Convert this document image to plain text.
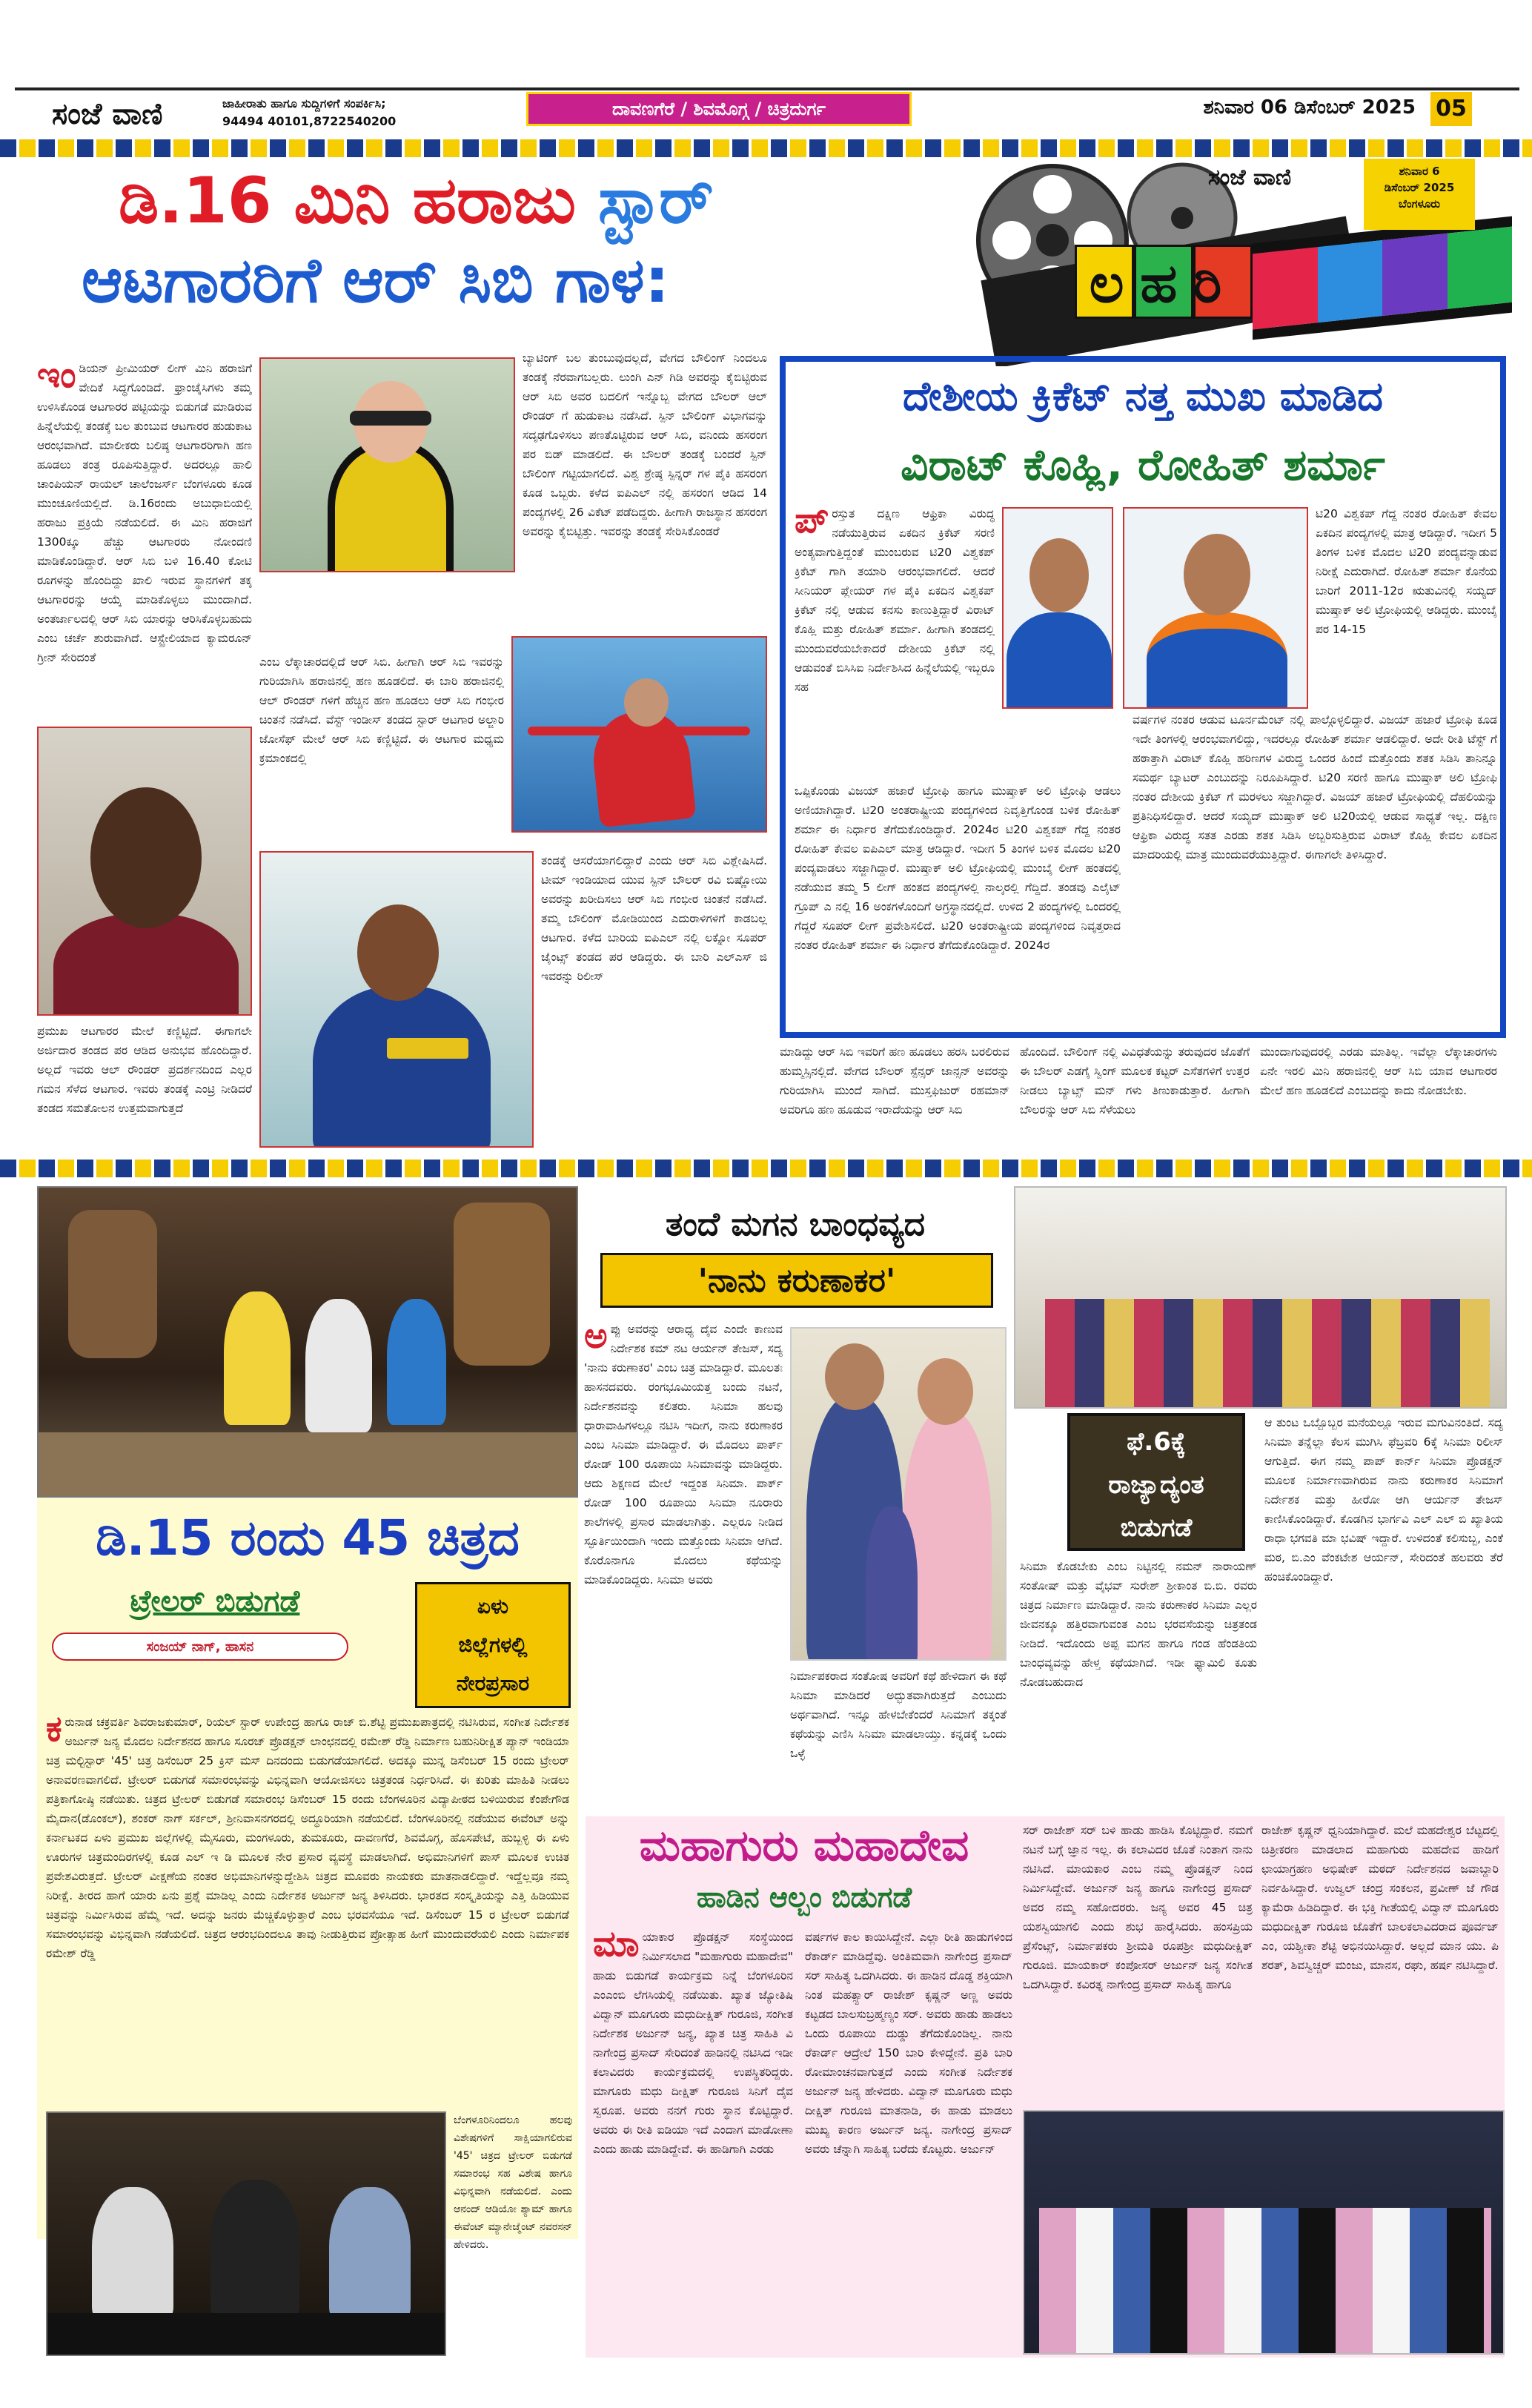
ಸಂಜೆ ವಾಣಿ	ಜಾಹೀರಾತು ಹಾಗೂ ಸುದ್ದಿಗಳಿಗೆ ಸಂಪರ್ಕಿಸಿ;
94494 40101,8722540200
ದಾವಣಗೆರೆ / ಶಿವಮೊಗ್ಗ / ಚಿತ್ರದುರ್ಗ	ಶನಿವಾರ 06 ಡಿಸೆಂಬರ್ 2025 05
ಲಹರಿ
ಸಂಜೆ ವಾಣಿ	ಶನಿವಾರ 6
ಡಿಸೆಂಬರ್ 2025
ಬೆಂಗಳೂರು
ಡಿ.16 ಮಿನಿ ಹರಾಜು ಸ್ಟಾರ್
ಆಟಗಾರರಿಗೆ ಆರ್ ಸಿಬಿ ಗಾಳ:
ಇಂಡಿಯನ್ ಪ್ರೀಮಿಯರ್ ಲೀಗ್ ಮಿನಿ ಹರಾಜಿಗೆ ವೇದಿಕೆ ಸಿದ್ಧಗೊಂಡಿದೆ. ಫ್ರಾಂಚೈಸಿಗಳು ತಮ್ಮ ಉಳಿಸಿಕೊಂಡ ಆಟಗಾರರ ಪಟ್ಟಿಯನ್ನು ಬಿಡುಗಡೆ ಮಾಡಿರುವ ಹಿನ್ನೆಲೆಯಲ್ಲಿ ತಂಡಕ್ಕೆ ಬಲ ತುಂಬುವ ಆಟಗಾರರ ಹುಡುಕಾಟ ಆರಂಭವಾಗಿದೆ. ಮಾಲೀಕರು ಬಲಿಷ್ಠ ಆಟಗಾರರಿಗಾಗಿ ಹಣ ಹೂಡಲು ತಂತ್ರ ರೂಪಿಸುತ್ತಿದ್ದಾರೆ. ಅದರಲ್ಲೂ ಹಾಲಿ ಚಾಂಪಿಯನ್ ರಾಯಲ್ ಚಾಲೆಂಜರ್ಸ್ ಬೆಂಗಳೂರು ಕೂಡ ಮುಂಚೂಣಿಯಲ್ಲಿದೆ. ಡಿ.16ರಂದು ಅಬುಧಾಬಿಯಲ್ಲಿ ಹರಾಜು ಪ್ರಕ್ರಿಯೆ ನಡೆಯಲಿದೆ. ಈ ಮಿನಿ ಹರಾಜಿಗೆ 1300ಕ್ಕೂ ಹೆಚ್ಚು ಆಟಗಾರರು ನೋಂದಣಿ ಮಾಡಿಕೊಂಡಿದ್ದಾರೆ. ಆರ್ ಸಿಬಿ ಬಳಿ 16.40 ಕೋಟಿ ರೂಗಳನ್ನು ಹೊಂದಿದ್ದು ಖಾಲಿ ಇರುವ ಸ್ಥಾನಗಳಿಗೆ ತಕ್ಕ ಆಟಗಾರರನ್ನು ಆಯ್ಕೆ ಮಾಡಿಕೊಳ್ಳಲು ಮುಂದಾಗಿದೆ. ಅಂತರ್ಜಾಲದಲ್ಲಿ ಆರ್ ಸಿಬಿ ಯಾರನ್ನು ಆರಿಸಿಕೊಳ್ಳಬಹುದು ಎಂಬ ಚರ್ಚೆ ಶುರುವಾಗಿದೆ. ಆಸ್ಟ್ರೇಲಿಯಾದ ಕ್ಯಾಮರೂನ್ ಗ್ರೀನ್ ಸೇರಿದಂತೆ
ಬ್ಯಾಟಿಂಗ್ ಬಲ ತುಂಬುವುದಲ್ಲದೆ, ವೇಗದ ಬೌಲಿಂಗ್ ನಿಂದಲೂ ತಂಡಕ್ಕೆ ನೆರವಾಗಬಲ್ಲರು. ಲುಂಗಿ ಎನ್ ಗಿಡಿ ಅವರನ್ನು ಕೈಬಿಟ್ಟಿರುವ ಆರ್ ಸಿಬಿ ಅವರ ಬದಲಿಗೆ ಇನ್ನೊಬ್ಬ ವೇಗದ ಬೌಲರ್ ಆಲ್ ರೌಂಡರ್ ಗೆ ಹುಡುಕಾಟ ನಡೆಸಿದೆ. ಸ್ಪಿನ್ ಬೌಲಿಂಗ್ ವಿಭಾಗವನ್ನು ಸದೃಢಗೊಳಿಸಲು ಪಣತೊಟ್ಟಿರುವ ಆರ್ ಸಿಬಿ, ವನಿಂದು ಹಸರಂಗ ಪರ ಬಿಡ್ ಮಾಡಲಿದೆ. ಈ ಬೌಲರ್ ತಂಡಕ್ಕೆ ಬಂದರೆ ಸ್ಪಿನ್ ಬೌಲಿಂಗ್ ಗಟ್ಟಿಯಾಗಲಿದೆ. ವಿಶ್ವ ಶ್ರೇಷ್ಠ ಸ್ಪಿನ್ನರ್ ಗಳ ಪೈಕಿ ಹಸರಂಗ ಕೂಡ ಒಬ್ಬರು. ಕಳೆದ ಐಪಿಎಲ್ ನಲ್ಲಿ ಹಸರಂಗ ಆಡಿದ 14 ಪಂದ್ಯಗಳಲ್ಲಿ 26 ವಿಕೆಟ್ ಪಡೆದಿದ್ದರು. ಹೀಗಾಗಿ ರಾಜಸ್ಥಾನ ಹಸರಂಗ ಅವರನ್ನು ಕೈಬಿಟ್ಟಿತ್ತು. ಇವರನ್ನು ತಂಡಕ್ಕೆ ಸೇರಿಸಿಕೊಂಡರೆ
ಎಂಬ ಲೆಕ್ಕಾಚಾರದಲ್ಲಿದೆ ಆರ್ ಸಿಬಿ. ಹೀಗಾಗಿ ಆರ್ ಸಿಬಿ ಇವರನ್ನು ಗುರಿಯಾಗಿಸಿ ಹರಾಜಿನಲ್ಲಿ ಹಣ ಹೂಡಲಿದೆ. ಈ ಬಾರಿ ಹರಾಜಿನಲ್ಲಿ ಆಲ್ ರೌಂಡರ್ ಗಳಿಗೆ ಹೆಚ್ಚಿನ ಹಣ ಹೂಡಲು ಆರ್ ಸಿಬಿ ಗಂಭೀರ ಚಿಂತನೆ ನಡೆಸಿದೆ. ವೆಸ್ಟ್ ಇಂಡೀಸ್ ತಂಡದ ಸ್ಟಾರ್ ಆಟಗಾರ ಅಲ್ಜಾರಿ ಜೋಸೆಫ್ ಮೇಲೆ ಆರ್ ಸಿಬಿ ಕಣ್ಣಿಟ್ಟಿದೆ. ಈ ಆಟಗಾರ ಮಧ್ಯಮ ಕ್ರಮಾಂಕದಲ್ಲಿ
ತಂಡಕ್ಕೆ ಆಸರೆಯಾಗಲಿದ್ದಾರೆ ಎಂದು ಆರ್ ಸಿಬಿ ವಿಶ್ಲೇಷಿಸಿದೆ. ಟೀಮ್ ಇಂಡಿಯಾದ ಯುವ ಸ್ಪಿನ್ ಬೌಲರ್ ರವಿ ಬಿಷ್ಣೋಯಿ ಅವರನ್ನು ಖರೀದಿಸಲು ಆರ್ ಸಿಬಿ ಗಂಭೀರ ಚಿಂತನೆ ನಡೆಸಿದೆ. ತಮ್ಮ ಬೌಲಿಂಗ್ ಮೋಡಿಯಿಂದ ಎದುರಾಳಿಗಳಿಗೆ ಕಾಡಬಲ್ಲ ಆಟಗಾರ. ಕಳೆದ ಬಾರಿಯ ಐಪಿಎಲ್ ನಲ್ಲಿ ಲಕ್ನೋ ಸೂಪರ್ ಜೈಂಟ್ಸ್ ತಂಡದ ಪರ ಆಡಿದ್ದರು. ಈ ಬಾರಿ ಎಲ್ಎಸ್ ಜಿ ಇವರನ್ನು ರಿಲೀಸ್
ಪ್ರಮುಖ ಆಟಗಾರರ ಮೇಲೆ ಕಣ್ಣಿಟ್ಟಿದೆ. ಈಗಾಗಲೇ ಅರ್ಜಿದಾರ ತಂಡದ ಪರ ಆಡಿದ ಅನುಭವ ಹೊಂದಿದ್ದಾರೆ. ಅಲ್ಲದೆ ಇವರು ಆಲ್ ರೌಂಡರ್ ಪ್ರದರ್ಶನದಿಂದ ಎಲ್ಲರ ಗಮನ ಸೆಳೆದ ಆಟಗಾರ. ಇವರು ತಂಡಕ್ಕೆ ಎಂಟ್ರಿ ನೀಡಿದರೆ ತಂಡದ ಸಮತೋಲನ ಉತ್ತಮವಾಗುತ್ತದೆ
ದೇಶೀಯ ಕ್ರಿಕೆಟ್ ನತ್ತ ಮುಖ ಮಾಡಿದ
ವಿರಾಟ್ ಕೊಹ್ಲಿ, ರೋಹಿತ್ ಶರ್ಮಾ
ಪ್ರಸ್ತುತ ದಕ್ಷಿಣ ಆಫ್ರಿಕಾ ವಿರುದ್ಧ ನಡೆಯುತ್ತಿರುವ ಏಕದಿನ ಕ್ರಿಕೆಟ್ ಸರಣಿ ಅಂತ್ಯವಾಗುತ್ತಿದ್ದಂತೆ ಮುಂಬರುವ ಟಿ20 ವಿಶ್ವಕಪ್ ಕ್ರಿಕೆಟ್ ಗಾಗಿ ತಯಾರಿ ಆರಂಭವಾಗಲಿದೆ. ಆದರೆ ಸೀನಿಯರ್ ಪ್ಲೇಯರ್ ಗಳ ಪೈಕಿ ಏಕದಿನ ವಿಶ್ವಕಪ್ ಕ್ರಿಕೆಟ್ ನಲ್ಲಿ ಆಡುವ ಕನಸು ಕಾಣುತ್ತಿದ್ದಾರೆ ವಿರಾಟ್ ಕೊಹ್ಲಿ ಮತ್ತು ರೋಹಿತ್ ಶರ್ಮಾ. ಹೀಗಾಗಿ ತಂಡದಲ್ಲಿ ಮುಂದುವರೆಯಬೇಕಾದರೆ ದೇಶೀಯ ಕ್ರಿಕೆಟ್ ನಲ್ಲಿ ಆಡುವಂತೆ ಬಿಸಿಸಿಐ ನಿರ್ದೇಶಿಸಿದ ಹಿನ್ನೆಲೆಯಲ್ಲಿ ಇಬ್ಬರೂ ಸಹ
ಟಿ20 ವಿಶ್ವಕಪ್ ಗೆದ್ದ ನಂತರ ರೋಹಿತ್ ಕೇವಲ ಏಕದಿನ ಪಂದ್ಯಗಳಲ್ಲಿ ಮಾತ್ರ ಆಡಿದ್ದಾರೆ. ಇದೀಗ 5 ತಿಂಗಳ ಬಳಿಕ ಮೊದಲ ಟಿ20 ಪಂದ್ಯವನ್ನಾಡುವ ನಿರೀಕ್ಷೆ ಎದುರಾಗಿದೆ. ರೋಹಿತ್ ಶರ್ಮಾ ಕೊನೆಯ ಬಾರಿಗೆ 2011-12ರ ಋತುವಿನಲ್ಲಿ ಸಯ್ಯದ್ ಮುಷ್ತಾಕ್ ಅಲಿ ಟ್ರೋಫಿಯಲ್ಲಿ ಆಡಿದ್ದರು. ಮುಂಬೈ ಪರ 14-15
ಒಪ್ಪಿಕೊಂಡು ವಿಜಯ್ ಹಜಾರೆ ಟ್ರೋಫಿ ಹಾಗೂ ಮುಷ್ತಾಕ್ ಅಲಿ ಟ್ರೋಫಿ ಆಡಲು ಅಣಿಯಾಗಿದ್ದಾರೆ. ಟಿ20 ಅಂತರಾಷ್ಟ್ರೀಯ ಪಂದ್ಯಗಳಿಂದ ನಿವೃತ್ತಿಗೊಂಡ ಬಳಿಕ ರೋಹಿತ್ ಶರ್ಮಾ ಈ ನಿರ್ಧಾರ ತೆಗೆದುಕೊಂಡಿದ್ದಾರೆ. 2024ರ ಟಿ20 ವಿಶ್ವಕಪ್ ಗೆದ್ದ ನಂತರ ರೋಹಿತ್ ಕೇವಲ ಐಪಿಎಲ್ ಮಾತ್ರ ಆಡಿದ್ದಾರೆ. ಇದೀಗ 5 ತಿಂಗಳ ಬಳಿಕ ಮೊದಲ ಟಿ20 ಪಂದ್ಯವಾಡಲು ಸಜ್ಜಾಗಿದ್ದಾರೆ. ಮುಷ್ತಾಕ್ ಅಲಿ ಟ್ರೋಫಿಯಲ್ಲಿ ಮುಂಬೈ ಲೀಗ್ ಹಂತದಲ್ಲಿ ನಡೆಯುವ ತಮ್ಮ 5 ಲೀಗ್ ಹಂತದ ಪಂದ್ಯಗಳಲ್ಲಿ ನಾಲ್ಕರಲ್ಲಿ ಗೆದ್ದಿದೆ. ತಂಡವು ಎಲೈಟ್ ಗ್ರೂಪ್ ಎ ನಲ್ಲಿ 16 ಅಂಕಗಳೊಂದಿಗೆ ಅಗ್ರಸ್ಥಾನದಲ್ಲಿದೆ. ಉಳಿದ 2 ಪಂದ್ಯಗಳಲ್ಲಿ ಒಂದರಲ್ಲಿ ಗೆದ್ದರೆ ಸೂಪರ್ ಲೀಗ್ ಪ್ರವೇಶಿಸಲಿದೆ. ಟಿ20 ಅಂತರಾಷ್ಟ್ರೀಯ ಪಂದ್ಯಗಳಿಂದ ನಿವೃತ್ತರಾದ ನಂತರ ರೋಹಿತ್ ಶರ್ಮಾ ಈ ನಿರ್ಧಾರ ತೆಗೆದುಕೊಂಡಿದ್ದಾರೆ. 2024ರ
ವರ್ಷಗಳ ನಂತರ ಆಡುವ ಟೂರ್ನಮೆಂಟ್ ನಲ್ಲಿ ಪಾಲ್ಗೊಳ್ಳಲಿದ್ದಾರೆ. ವಿಜಯ್ ಹಜಾರೆ ಟ್ರೋಫಿ ಕೂಡ ಇದೇ ತಿಂಗಳಲ್ಲಿ ಆರಂಭವಾಗಲಿದ್ದು, ಇದರಲ್ಲೂ ರೋಹಿತ್ ಶರ್ಮಾ ಆಡಲಿದ್ದಾರೆ. ಅದೇ ರೀತಿ ಟೆಸ್ಟ್ ಗೆ ಹಠಾತ್ತಾಗಿ ವಿರಾಟ್ ಕೊಹ್ಲಿ ಹರಿಣಗಳ ವಿರುದ್ಧ ಒಂದರ ಹಿಂದೆ ಮತ್ತೊಂದು ಶತಕ ಸಿಡಿಸಿ ತಾನಿನ್ನೂ ಸಮರ್ಥ ಬ್ಯಾಟರ್ ಎಂಬುದನ್ನು ನಿರೂಪಿಸಿದ್ದಾರೆ. ಟಿ20 ಸರಣಿ ಹಾಗೂ ಮುಷ್ತಾಕ್ ಅಲಿ ಟ್ರೋಫಿ ನಂತರ ದೇಶೀಯ ಕ್ರಿಕೆಟ್ ಗೆ ಮರಳಲು ಸಜ್ಜಾಗಿದ್ದಾರೆ. ವಿಜಯ್ ಹಜಾರೆ ಟ್ರೋಫಿಯಲ್ಲಿ ದೆಹಲಿಯನ್ನು ಪ್ರತಿನಿಧಿಸಲಿದ್ದಾರೆ. ಆದರೆ ಸಯ್ಯದ್ ಮುಷ್ತಾಕ್ ಅಲಿ ಟಿ20ಯಲ್ಲಿ ಆಡುವ ಸಾಧ್ಯತೆ ಇಲ್ಲ. ದಕ್ಷಿಣ ಆಫ್ರಿಕಾ ವಿರುದ್ಧ ಸತತ ಎರಡು ಶತಕ ಸಿಡಿಸಿ ಅಬ್ಬರಿಸುತ್ತಿರುವ ವಿರಾಟ್ ಕೊಹ್ಲಿ ಕೇವಲ ಏಕದಿನ ಮಾದರಿಯಲ್ಲಿ ಮಾತ್ರ ಮುಂದುವರೆಯುತ್ತಿದ್ದಾರೆ. ಈಗಾಗಲೇ ತಿಳಿಸಿದ್ದಾರೆ.
ಮಾಡಿದ್ದು ಆರ್ ಸಿಬಿ ಇವರಿಗೆ ಹಣ ಹೂಡಲು ಹರಸಿ ಬರಲಿರುವ ಹುಮ್ಮಸ್ಸಿನಲ್ಲಿದೆ. ವೇಗದ ಬೌಲರ್ ಸ್ಪೆನ್ಸರ್ ಜಾನ್ಸನ್ ಅವರನ್ನು ಗುರಿಯಾಗಿಸಿ ಮುಂದೆ ಸಾಗಿದೆ. ಮುಸ್ತಫಿಜುರ್ ರಹಮಾನ್ ಅವರಿಗೂ ಹಣ ಹೂಡುವ ಇರಾದೆಯನ್ನು ಆರ್ ಸಿಬಿ
ಹೊಂದಿದೆ. ಬೌಲಿಂಗ್ ನಲ್ಲಿ ವಿವಿಧತೆಯನ್ನು ತರುವುದರ ಜೊತೆಗೆ ಈ ಬೌಲರ್ ಎಡಗೈ ಸ್ವಿಂಗ್ ಮೂಲಕ ಕಟ್ಟರ್ ಎಸೆತಗಳಿಗೆ ಉತ್ತರ ನೀಡಲು ಬ್ಯಾಟ್ಸ್ ಮನ್ ಗಳು ತಿಣುಕಾಡುತ್ತಾರೆ. ಹೀಗಾಗಿ ಬೌಲರನ್ನು ಆರ್ ಸಿಬಿ ಸೆಳೆಯಲು
ಮುಂದಾಗುವುದರಲ್ಲಿ ಎರಡು ಮಾತಿಲ್ಲ. ಇವೆಲ್ಲಾ ಲೆಕ್ಕಾಚಾರಗಳು ಏನೇ ಇರಲಿ ಮಿನಿ ಹರಾಜಿನಲ್ಲಿ ಆರ್ ಸಿಬಿ ಯಾವ ಆಟಗಾರರ ಮೇಲೆ ಹಣ ಹೂಡಲಿದೆ ಎಂಬುದನ್ನು ಕಾದು ನೋಡಬೇಕು.
ಡಿ.15 ರಂದು 45 ಚಿತ್ರದ
ಟ್ರೇಲರ್ ಬಿಡುಗಡೆ
ಸಂಜಯ್ ನಾಗ್, ಹಾಸನ
ಏಳು
ಜಿಲ್ಲೆಗಳಲ್ಲಿ
ನೇರಪ್ರಸಾರ
ಕರುನಾಡ ಚಕ್ರವರ್ತಿ ಶಿವರಾಜಕುಮಾರ್, ರಿಯಲ್ ಸ್ಟಾರ್ ಉಪೇಂದ್ರ ಹಾಗೂ ರಾಜ್ ಬಿ.ಶೆಟ್ಟಿ ಪ್ರಮುಖಪಾತ್ರದಲ್ಲಿ ನಟಿಸಿರುವ, ಸಂಗೀತ ನಿರ್ದೇಶಕ ಅರ್ಜುನ್ ಜನ್ಯ ಮೊದಲ ನಿರ್ದೇಶನದ ಹಾಗೂ ಸೂರಜ್ ಪ್ರೊಡಕ್ಷನ್ ಲಾಂಛನದಲ್ಲಿ ರಮೇಶ್ ರೆಡ್ಡಿ ನಿರ್ಮಾಣ ಬಹುನಿರೀಕ್ಷಿತ ಪ್ಯಾನ್ ಇಂಡಿಯಾ ಚಿತ್ರ ಮಲ್ಟಿಸ್ಟಾರ್ '45' ಚಿತ್ರ ಡಿಸೆಂಬರ್ 25 ಕ್ರಿಸ್ ಮಸ್ ದಿನದಂದು ಬಿಡುಗಡೆಯಾಗಲಿದೆ. ಅದಕ್ಕೂ ಮುನ್ನ ಡಿಸೆಂಬರ್ 15 ರಂದು ಟ್ರೇಲರ್ ಅನಾವರಣವಾಗಲಿದೆ. ಟ್ರೇಲರ್ ಬಿಡುಗಡೆ ಸಮಾರಂಭವನ್ನು ವಿಭಿನ್ನವಾಗಿ ಆಯೋಜಿಸಲು ಚಿತ್ರತಂಡ ನಿರ್ಧರಿಸಿದೆ. ಈ ಕುರಿತು ಮಾಹಿತಿ ನೀಡಲು ಪತ್ರಿಕಾಗೋಷ್ಠಿ ನಡೆಯಿತು. ಚಿತ್ರದ ಟ್ರೇಲರ್ ಬಿಡುಗಡೆ ಸಮಾರಂಭ ಡಿಸೆಂಬರ್ 15 ರಂದು ಬೆಂಗಳೂರಿನ ವಿದ್ಯಾಪೀಠದ ಬಳಿಯಿರುವ ಕೆಂಪೇಗೌಡ ಮೈದಾನ(ಡೊಂಕಲ್), ಶಂಕರ್ ನಾಗ್ ಸರ್ಕಲ್, ಶ್ರೀನಿವಾಸನಗರದಲ್ಲಿ ಅದ್ಧೂರಿಯಾಗಿ ನಡೆಯಲಿದೆ. ಬೆಂಗಳೂರಿನಲ್ಲಿ ನಡೆಯುವ ಈವೆಂಟ್ ಅನ್ನು ಕರ್ನಾಟಕದ ಏಳು ಪ್ರಮುಖ ಜಿಲ್ಲೆಗಳಲ್ಲಿ ಮೈಸೂರು, ಮಂಗಳೂರು, ತುಮಕೂರು, ದಾವಣಗೆರೆ, ಶಿವಮೊಗ್ಗ, ಹೊಸಪೇಟೆ, ಹುಬ್ಬಳ್ಳಿ ಈ ಏಳು ಊರುಗಳ ಚಿತ್ರಮಂದಿರಗಳಲ್ಲಿ ಕೂಡ ಎಲ್ ಇ ಡಿ ಮೂಲಕ ನೇರ ಪ್ರಸಾರ ವ್ಯವಸ್ಥೆ ಮಾಡಲಾಗಿದೆ. ಅಭಿಮಾನಿಗಳಿಗೆ ಪಾಸ್ ಮೂಲಕ ಉಚಿತ ಪ್ರವೇಶವಿರುತ್ತದೆ. ಟ್ರೇಲರ್ ವೀಕ್ಷಣೆಯ ನಂತರ ಅಭಿಮಾನಿಗಳನ್ನುದ್ದೇಶಿಸಿ ಚಿತ್ರದ ಮೂವರು ನಾಯಕರು ಮಾತನಾಡಲಿದ್ದಾರೆ. ಇದ್ದೆಲ್ಲವೂ ನಮ್ಮ ನಿರೀಕ್ಷೆ. ತೀರದ ಹಾಗೆ ಯಾರು ಏನು ಪ್ರಶ್ನೆ ಮಾಡಿಲ್ಲ ಎಂದು ನಿರ್ದೇಶಕ ಅರ್ಜುನ್ ಜನ್ಯ ತಿಳಿಸಿದರು. ಭಾರತದ ಸಂಸ್ಕೃತಿಯನ್ನು ಎತ್ತಿ ಹಿಡಿಯುವ ಚಿತ್ರವನ್ನು ನಿರ್ಮಿಸಿರುವ ಹೆಮ್ಮೆ ಇದೆ. ಅದನ್ನು ಜನರು ಮೆಚ್ಚಿಕೊಳ್ಳುತ್ತಾರೆ ಎಂಬ ಭರವಸೆಯೂ ಇದೆ. ಡಿಸೆಂಬರ್ 15 ರ ಟ್ರೇಲರ್ ಬಿಡುಗಡೆ ಸಮಾರಂಭವನ್ನು ವಿಭಿನ್ನವಾಗಿ ನಡೆಯಲಿದೆ. ಚಿತ್ರದ ಆರಂಭದಿಂದಲೂ ತಾವು ನೀಡುತ್ತಿರುವ ಪ್ರೋತ್ಸಾಹ ಹೀಗೆ ಮುಂದುವರೆಯಲಿ ಎಂದು ನಿರ್ಮಾಪಕ ರಮೇಶ್ ರೆಡ್ಡಿ
ಬೆಂಗಳೂರಿನಿಂದಲೂ ಹಲವು ವಿಶೇಷಗಳಿಗೆ ಸಾಕ್ಷಿಯಾಗಲಿರುವ '45' ಚಿತ್ರದ ಟ್ರೇಲರ್ ಬಿಡುಗಡೆ ಸಮಾರಂಭ ಸಹ ವಿಶೇಷ ಹಾಗೂ ವಿಭಿನ್ನವಾಗಿ ನಡೆಯಲಿದೆ. ಎಂದು ಆನಂದ್ ಆಡಿಯೋ ಶ್ಯಾಮ್ ಹಾಗೂ ಈವೆಂಟ್ ಮ್ಯಾನೇಜ್ಮೆಂಟ್ ನವರಸನ್ ಹೇಳಿದರು.
ತಂದೆ ಮಗನ ಬಾಂಧವ್ಯದ
'ನಾನು ಕರುಣಾಕರ'
ಅಪ್ಪು ಅವರನ್ನು ಆರಾಧ್ಯ ದೈವ ಎಂದೇ ಕಾಣುವ ನಿರ್ದೇಶಕ ಕಮ್ ನಟ ಆರ್ಯನ್ ತೇಜಸ್, ಸದ್ಯ 'ನಾನು ಕರುಣಾಕರ' ಎಂಬ ಚಿತ್ರ ಮಾಡಿದ್ದಾರೆ. ಮೂಲತಃ ಹಾಸನದವರು. ರಂಗಭೂಮಿಯತ್ತ ಬಂದು ನಟನೆ, ನಿರ್ದೇಶನವನ್ನು ಕಲಿತರು. ಸಿನಿಮಾ ಹಲವು ಧಾರಾವಾಹಿಗಳಲ್ಲೂ ನಟಿಸಿ ಇದೀಗ, ನಾನು ಕರುಣಾಕರ ಎಂಬ ಸಿನಿಮಾ ಮಾಡಿದ್ದಾರೆ. ಈ ಮೊದಲು ಪಾರ್ಕ್ ರೋಡ್ 100 ರೂಪಾಯಿ ಸಿನಿಮಾವನ್ನು ಮಾಡಿದ್ದರು. ಆದು ಶಿಕ್ಷಣದ ಮೇಲೆ ಇದ್ದಂತ ಸಿನಿಮಾ. ಪಾರ್ಕ್ ರೋಡ್ 100 ರೂಪಾಯಿ ಸಿನಿಮಾ ನೂರಾರು ಶಾಲೆಗಳಲ್ಲಿ ಪ್ರಸಾರ ಮಾಡಲಾಗಿತ್ತು. ಎಲ್ಲರೂ ನೀಡಿದ ಸ್ಫೂರ್ತಿಯಿಂದಾಗಿ ಇಂದು ಮತ್ತೊಂದು ಸಿನಿಮಾ ಆಗಿದೆ. ಕೊರೊನಾಗೂ ಮೊದಲು ಕಥೆಯನ್ನು ಮಾಡಿಕೊಂಡಿದ್ದರು. ಸಿನಿಮಾ ಅವರು
ನಿರ್ಮಾಪಕರಾದ ಸಂತೋಷ ಅವರಿಗೆ ಕಥೆ ಹೇಳಿದಾಗ ಈ ಕಥೆ ಸಿನಿಮಾ ಮಾಡಿದರೆ ಅದ್ಭುತವಾಗಿರುತ್ತದೆ ಎಂಬುದು ಅರ್ಥವಾಗಿದೆ. ಇನ್ನೂ ಹೇಳಬೇಕೆಂದರೆ ಸಿನಿಮಾಗೆ ತಕ್ಕಂತೆ ಕಥೆಯನ್ನು ಎಣಿಸಿ ಸಿನಿಮಾ ಮಾಡಲಾಯ್ತು. ಕನ್ನಡಕ್ಕೆ ಒಂದು ಒಳ್ಳೆ
ಫೆ.6ಕ್ಕೆ
ರಾಜ್ಯಾದ್ಯಂತ
ಬಿಡುಗಡೆ
ಸಿನಿಮಾ ಕೊಡಬೇಕು ಎಂಬ ನಿಟ್ಟಿನಲ್ಲಿ ನಮನ್ ನಾರಾಯಣ್ ಸಂತೋಷ್ ಮತ್ತು ವೈಭವ್ ಸುರೇಶ್ ಶ್ರೀಕಾಂತ ಬಿ.ಬಿ. ರವರು ಚಿತ್ರದ ನಿರ್ಮಾಣ ಮಾಡಿದ್ದಾರೆ. ನಾನು ಕರುಣಾಕರ ಸಿನಿಮಾ ಎಲ್ಲರ ಜೀವನಕ್ಕೂ ಹತ್ತಿರವಾಗುವಂತ ಎಂಬ ಭರವಸೆಯನ್ನು ಚಿತ್ರತಂಡ ನೀಡಿದೆ. ಇದೊಂದು ಅಪ್ಪ ಮಗನ ಹಾಗೂ ಗಂಡ ಹೆಂಡತಿಯ ಬಾಂಧವ್ಯವನ್ನು ಹೇಳ್ತ ಕಥೆಯಾಗಿದೆ. ಇಡೀ ಫ್ಯಾಮಿಲಿ ಕೂತು ನೋಡಬಹುದಾದ
ಆ ತುಂಟ ಒಬ್ಬೊಬ್ಬರ ಮನೆಯಲ್ಲೂ ಇರುವ ಮಗುವಿನಂತಿದೆ. ಸದ್ಯ ಸಿನಿಮಾ ತನ್ನೆಲ್ಲಾ ಕೆಲಸ ಮುಗಿಸಿ ಫೆಬ್ರವರಿ 6ಕ್ಕೆ ಸಿನಿಮಾ ರಿಲೀಸ್ ಆಗುತ್ತಿದೆ. ಈಗ ನಮ್ಮ ಪಾಪ್ ಕಾರ್ನ್ ಸಿನಿಮಾ ಪ್ರೊಡಕ್ಷನ್ ಮೂಲಕ ನಿರ್ಮಾಣವಾಗಿರುವ ನಾನು ಕರುಣಾಕರ ಸಿನಿಮಾಗೆ ನಿರ್ದೇಶಕ ಮತ್ತು ಹೀರೋ ಆಗಿ ಆರ್ಯನ್ ತೇಜಸ್ ಕಾಣಿಸಿಕೊಂಡಿದ್ದಾರೆ. ಕೊಡಗಿನ ಭಾರ್ಗವಿ ಎಲ್ ಎಲ್ ಬಿ ಖ್ಯಾತಿಯ ರಾಧಾ ಭಗವತಿ ಮಾ ಭವಿಷ್ ಇದ್ದಾರೆ. ಉಳಿದಂತೆ ಕಲಿಸುಬ್ಬ, ಎಂಕೆ ಮಠ, ಬಿ.ಎಂ ವೆಂಕಟೇಶ ಆರ್ಯನ್, ಸೇರಿದಂತೆ ಹಲವರು ತೆರೆ ಹಂಚಿಕೊಂಡಿದ್ದಾರೆ.
ಮಹಾಗುರು ಮಹಾದೇವ
ಹಾಡಿನ ಆಲ್ಬಂ ಬಿಡುಗಡೆ
ಮಾಯಾಕಾರ ಪ್ರೊಡಕ್ಷನ್ ಸಂಸ್ಥೆಯಿಂದ ನಿರ್ಮಿಸಲಾದ "ಮಹಾಗುರು ಮಹಾದೇವ" ಹಾಡು ಬಿಡುಗಡೆ ಕಾರ್ಯಕ್ರಮ ನಿನ್ನೆ ಬೆಂಗಳೂರಿನ ಎಂಎಂಬಿ ಲೆಗಸಿಯಲ್ಲಿ ನಡೆಯಿತು. ಖ್ಯಾತ ಜ್ಯೋತಿಷಿ ವಿದ್ವಾನ್ ಮೂಗೂರು ಮಧುದೀಕ್ಷಿತ್ ಗುರೂಜಿ, ಸಂಗೀತ ನಿರ್ದೇಶಕ ಅರ್ಜುನ್ ಜನ್ಯ, ಖ್ಯಾತ ಚಿತ್ರ ಸಾಹಿತಿ ವಿ ನಾಗೇಂದ್ರ ಪ್ರಸಾದ್ ಸೇರಿದಂತೆ ಹಾಡಿನಲ್ಲಿ ನಟಿಸಿದ ಇಡೀ ಕಲಾವಿದರು ಕಾರ್ಯಕ್ರಮದಲ್ಲಿ ಉಪಸ್ಥಿತರಿದ್ದರು. ಮಾಗೂರು ಮಧು ದೀಕ್ಷಿತ್ ಗುರೂಜಿ ಸಿನಿಗೆ ದೈವ ಸ್ವರೂಪ. ಅವರು ನನಗೆ ಗುರು ಸ್ಥಾನ ಕೊಟ್ಟಿದ್ದಾರೆ. ಅವರು ಈ ರೀತಿ ಐಡಿಯಾ ಇದೆ ಎಂದಾಗ ಮಾಡೋಣಾ ಎಂದು ಹಾಡು ಮಾಡಿದ್ದೇವೆ. ಈ ಹಾಡಿಗಾಗಿ ಎರಡು
ವರ್ಷಗಳ ಕಾಲ ಕಾಯಿಸಿದ್ದೇನೆ. ಎಲ್ಲಾ ರೀತಿ ಹಾಡುಗಳಿಂದ ರೆಕಾರ್ಡ್ ಮಾಡಿದ್ದೆವು. ಅಂತಿಮವಾಗಿ ನಾಗೇಂದ್ರ ಪ್ರಸಾದ್ ಸರ್ ಸಾಹಿತ್ಯ ಒದಗಿಸಿದರು. ಈ ಹಾಡಿನ ದೊಡ್ಡ ಶಕ್ತಿಯಾಗಿ ನಿಂತ ಮಹತ್ಸ್ಪಾರ್ ರಾಜೇಶ್ ಕೃಷ್ಣನ್ ಅಣ್ಣ ಅವರು ಕಟ್ಟಡದ ಬಾಲಸುಬ್ರಹ್ಮಣ್ಯಂ ಸರ್. ಅವರು ಹಾಡು ಹಾಡಲು ಒಂದು ರೂಪಾಯಿ ದುಡ್ಡು ತೆಗೆದುಕೊಂಡಿಲ್ಲ. ನಾನು ರೆಕಾರ್ಡ್ ಆದ್ರೇಲೆ 150 ಬಾರಿ ಕೇಳಿದ್ದೇನೆ. ಪ್ರತಿ ಬಾರಿ ರೋಮಾಂಚನವಾಗುತ್ತದೆ ಎಂದು ಸಂಗೀತ ನಿರ್ದೇಶಕ ಅರ್ಜುನ್ ಜನ್ಯ ಹೇಳಿದರು. ವಿದ್ವಾನ್ ಮೂಗೂರು ಮಧು ದೀಕ್ಷಿತ್ ಗುರೂಜಿ ಮಾತನಾಡಿ, ಈ ಹಾಡು ಮಾಡಲು ಮುಖ್ಯ ಕಾರಣ ಅರ್ಜುನ್ ಜನ್ಯ. ನಾಗೇಂದ್ರ ಪ್ರಸಾದ್ ಅವರು ಚೆನ್ನಾಗಿ ಸಾಹಿತ್ಯ ಬರೆದು ಕೊಟ್ಟರು. ಅರ್ಜುನ್
ಸರ್ ರಾಜೇಶ್ ಸರ್ ಬಳಿ ಹಾಡು ಹಾಡಿಸಿ ಕೊಟ್ಟಿದ್ದಾರೆ. ನಮಗೆ ನಟನೆ ಬಗ್ಗೆ ಜ್ಞಾನ ಇಲ್ಲ. ಈ ಕಲಾವಿದರ ಜೊತೆ ನಿಂತಾಗ ನಾನು ನಟಿಸಿದೆ. ಮಾಯಕಾರ ಎಂಬ ನಮ್ಮ ಪ್ರೊಡಕ್ಷನ್ ನಿಂದ ನಿರ್ಮಿಸಿದ್ದೇವೆ. ಅರ್ಜುನ್ ಜನ್ಯ ಹಾಗೂ ನಾಗೇಂದ್ರ ಪ್ರಸಾದ್ ಅವರ ನಮ್ಮ ಸಹೋದರರು. ಜನ್ಯ ಅವರ 45 ಚಿತ್ರ ಯಶಸ್ವಿಯಾಗಲಿ ಎಂದು ಶುಭ ಹಾರೈಸಿದರು. ಹಂಸಪ್ರಿಯ ಪ್ರೆಸೆಂಟ್ಸ್, ನಿರ್ಮಾಪಕರು ಶ್ರೀಮತಿ ರೂಪಶ್ರೀ ಮಧುದೀಕ್ಷಿತ್ ಗುರೂಜಿ. ಮಾಯಕಾರ್ ಕಂಪೋಸರ್ ಅರ್ಜುನ್ ಜನ್ಯ ಸಂಗೀತ ಒದಗಿಸಿದ್ದಾರೆ. ಕವಿರತ್ನ ನಾಗೇಂದ್ರ ಪ್ರಸಾದ್ ಸಾಹಿತ್ಯ ಹಾಗೂ
ರಾಜೇಶ್ ಕೃಷ್ಣನ್ ಧ್ವನಿಯಾಗಿದ್ದಾರೆ. ಮಲೆ ಮಹದೇಶ್ವರ ಬೆಟ್ಟದಲ್ಲಿ ಚಿತ್ರೀಕರಣ ಮಾಡಲಾದ ಮಹಾಗುರು ಮಹದೇವ ಹಾಡಿಗೆ ಛಾಯಾಗ್ರಹಣ ಅಭಿಷೇಕ್ ಮಠದ್ ನಿರ್ದೇಶನದ ಜವಾಬ್ದಾರಿ ನಿರ್ವಹಿಸಿದ್ದಾರೆ. ಉಜ್ವಲ್ ಚಂದ್ರ ಸಂಕಲನ, ಪ್ರವೀಣ್ ಜೆ ಗೌಡ ಕ್ಯಾಮೆರಾ ಹಿಡಿದಿದ್ದಾರೆ. ಈ ಭಕ್ತಿ ಗೀತೆಯಲ್ಲಿ ವಿದ್ವಾನ್ ಮೂಗೂರು ಮಧುದೀಕ್ಷಿತ್ ಗುರೂಜಿ ಜೊತೆಗೆ ಬಾಲಕಲಾವಿದರಾದ ಪೂರ್ವಜ್ ಎಂ, ಯಶ್ವೀಕಾ ಶೆಟ್ಟಿ ಅಭಿನಯಿಸಿದ್ದಾರೆ. ಅಲ್ಲದೆ ಮಾನ ಯು. ಪಿ ಶರತ್, ಶಿವಸ್ವಿಚ್ಚರ್ ಮಂಜು, ಮಾನಸ, ರಘು, ಹರ್ಷ ನಟಿಸಿದ್ದಾರೆ.
